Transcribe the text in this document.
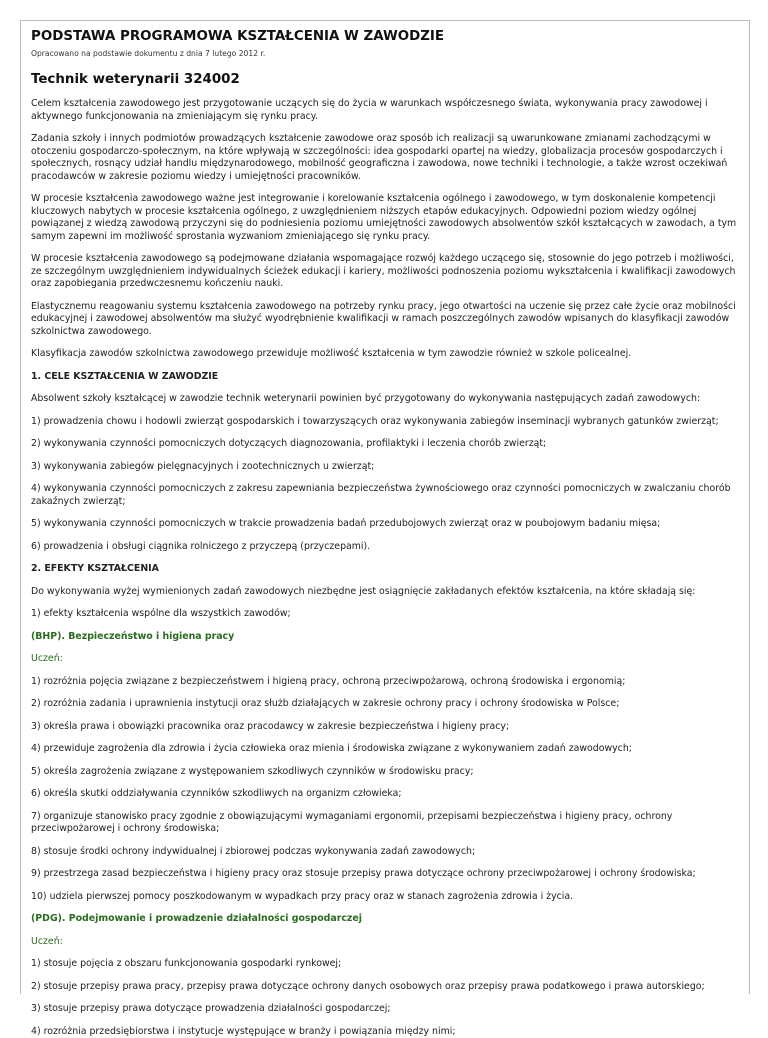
PODSTAWA PROGRAMOWA KSZTAŁCENIA W ZAWODZIE
Opracowano na podstawie dokumentu z dnia 7 lutego 2012 r.
Technik weterynarii 324002

Celem kształcenia zawodowego jest przygotowanie uczących się do życia w warunkach współczesnego świata, wykonywania pracy zawodowej i aktywnego funkcjonowania na zmieniającym się rynku pracy.

Zadania szkoły i innych podmiotów prowadzących kształcenie zawodowe oraz sposób ich realizacji są uwarunkowane zmianami zachodzącymi w otoczeniu gospodarczo-społecznym, na które wpływają w szczególności: idea gospodarki opartej na wiedzy, globalizacja procesów gospodarczych i społecznych, rosnący udział handlu międzynarodowego, mobilność geograficzna i zawodowa, nowe techniki i technologie, a także wzrost oczekiwań pracodawców w zakresie poziomu wiedzy i umiejętności pracowników.

W procesie kształcenia zawodowego ważne jest integrowanie i korelowanie kształcenia ogólnego i zawodowego, w tym doskonalenie kompetencji kluczowych nabytych w procesie kształcenia ogólnego, z uwzględnieniem niższych etapów edukacyjnych. Odpowiedni poziom wiedzy ogólnej powiązanej z wiedzą zawodową przyczyni się do podniesienia poziomu umiejętności zawodowych absolwentów szkół kształcących w zawodach, a tym samym zapewni im możliwość sprostania wyzwaniom zmieniającego się rynku pracy.

W procesie kształcenia zawodowego są podejmowane działania wspomagające rozwój każdego uczącego się, stosownie do jego potrzeb i możliwości, ze szczególnym uwzględnieniem indywidualnych ścieżek edukacji i kariery, możliwości podnoszenia poziomu wykształcenia i kwalifikacji zawodowych oraz zapobiegania przedwczesnemu kończeniu nauki.

Elastycznemu reagowaniu systemu kształcenia zawodowego na potrzeby rynku pracy, jego otwartości na uczenie się przez całe życie oraz mobilności edukacyjnej i zawodowej absolwentów ma służyć wyodrębnienie kwalifikacji w ramach poszczególnych zawodów wpisanych do klasyfikacji zawodów szkolnictwa zawodowego.

Klasyfikacja zawodów szkolnictwa zawodowego przewiduje możliwość kształcenia w tym zawodzie również w szkole policealnej.

1. CELE KSZTAŁCENIA W ZAWODZIE

Absolwent szkoły kształcącej w zawodzie technik weterynarii powinien być przygotowany do wykonywania następujących zadań zawodowych:

1) prowadzenia chowu i hodowli zwierząt gospodarskich i towarzyszących oraz wykonywania zabiegów inseminacji wybranych gatunków zwierząt;

2) wykonywania czynności pomocniczych dotyczących diagnozowania, profilaktyki i leczenia chorób zwierząt;

3) wykonywania zabiegów pielęgnacyjnych i zootechnicznych u zwierząt;

4) wykonywania czynności pomocniczych z zakresu zapewniania bezpieczeństwa żywnościowego oraz czynności pomocniczych w zwalczaniu chorób zakaźnych zwierząt;

5) wykonywania czynności pomocniczych w trakcie prowadzenia badań przedubojowych zwierząt oraz w poubojowym badaniu mięsa;

6) prowadzenia i obsługi ciągnika rolniczego z przyczepą (przyczepami).

2. EFEKTY KSZTAŁCENIA

Do wykonywania wyżej wymienionych zadań zawodowych niezbędne jest osiągnięcie zakładanych efektów kształcenia, na które składają się:

1) efekty kształcenia wspólne dla wszystkich zawodów;

(BHP). Bezpieczeństwo i higiena pracy
Uczeń:

1) rozróżnia pojęcia związane z bezpieczeństwem i higieną pracy, ochroną przeciwpożarową, ochroną środowiska i ergonomią;

2) rozróżnia zadania i uprawnienia instytucji oraz służb działających w zakresie ochrony pracy i ochrony środowiska w Polsce;

3) określa prawa i obowiązki pracownika oraz pracodawcy w zakresie bezpieczeństwa i higieny pracy;

4) przewiduje zagrożenia dla zdrowia i życia człowieka oraz mienia i środowiska związane z wykonywaniem zadań zawodowych;

5) określa zagrożenia związane z występowaniem szkodliwych czynników w środowisku pracy;

6) określa skutki oddziaływania czynników szkodliwych na organizm człowieka;

7) organizuje stanowisko pracy zgodnie z obowiązującymi wymaganiami ergonomii, przepisami bezpieczeństwa i higieny pracy, ochrony przeciwpożarowej i ochrony środowiska;

8) stosuje środki ochrony indywidualnej i zbiorowej podczas wykonywania zadań zawodowych;

9) przestrzega zasad bezpieczeństwa i higieny pracy oraz stosuje przepisy prawa dotyczące ochrony przeciwpożarowej i ochrony środowiska;

10) udziela pierwszej pomocy poszkodowanym w wypadkach przy pracy oraz w stanach zagrożenia zdrowia i życia.

(PDG). Podejmowanie i prowadzenie działalności gospodarczej
Uczeń:

1) stosuje pojęcia z obszaru funkcjonowania gospodarki rynkowej;

2) stosuje przepisy prawa pracy, przepisy prawa dotyczące ochrony danych osobowych oraz przepisy prawa podatkowego i prawa autorskiego;

3) stosuje przepisy prawa dotyczące prowadzenia działalności gospodarczej;

4) rozróżnia przedsiębiorstwa i instytucje występujące w branży i powiązania między nimi;
